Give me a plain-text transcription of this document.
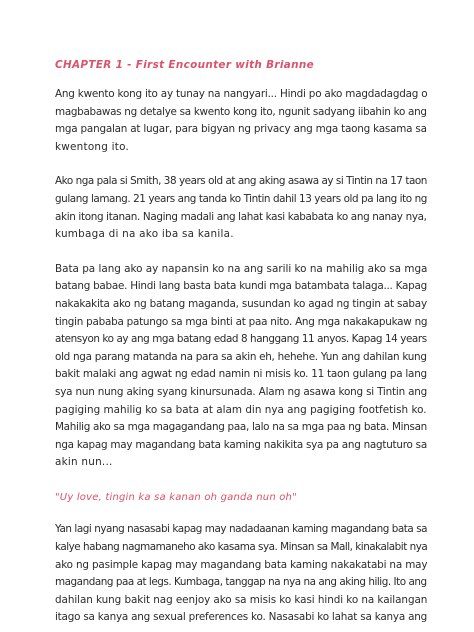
CHAPTER 1 - First Encounter with Brianne

Ang kwento kong ito ay tunay na nangyari... Hindi po ako magdadagdag o
magbabawas ng detalye sa kwento kong ito, ngunit sadyang iibahin ko ang
mga pangalan at lugar, para bigyan ng privacy ang mga taong kasama sa
kwentong ito.

Ako nga pala si Smith, 38 years old at ang aking asawa ay si Tintin na 17 taon
gulang lamang. 21 years ang tanda ko Tintin dahil 13 years old pa lang ito ng
akin itong itanan. Naging madali ang lahat kasi kababata ko ang nanay nya,
kumbaga di na ako iba sa kanila.

Bata pa lang ako ay napansin ko na ang sarili ko na mahilig ako sa mga
batang babae. Hindi lang basta bata kundi mga batambata talaga... Kapag
nakakakita ako ng batang maganda, susundan ko agad ng tingin at sabay
tingin pababa patungo sa mga binti at paa nito. Ang mga nakakapukaw ng
atensyon ko ay ang mga batang edad 8 hanggang 11 anyos. Kapag 14 years
old nga parang matanda na para sa akin eh, hehehe. Yun ang dahilan kung
bakit malaki ang agwat ng edad namin ni misis ko. 11 taon gulang pa lang
sya nun nung aking syang kinursunada. Alam ng asawa kong si Tintin ang
pagiging mahilig ko sa bata at alam din nya ang pagiging footfetish ko.
Mahilig ako sa mga magagandang paa, lalo na sa mga paa ng bata. Minsan
nga kapag may magandang bata kaming nakikita sya pa ang nagtuturo sa
akin nun...

"Uy love, tingin ka sa kanan oh ganda nun oh"

Yan lagi nyang nasasabi kapag may nadadaanan kaming magandang bata sa
kalye habang nagmamaneho ako kasama sya. Minsan sa Mall, kinakalabit nya
ako ng pasimple kapag may magandang bata kaming nakakatabi na may
magandang paa at legs. Kumbaga, tanggap na nya na ang aking hilig. Ito ang
dahilan kung bakit nag eenjoy ako sa misis ko kasi hindi ko na kailangan
itago sa kanya ang sexual preferences ko. Nasasabi ko lahat sa kanya ang
